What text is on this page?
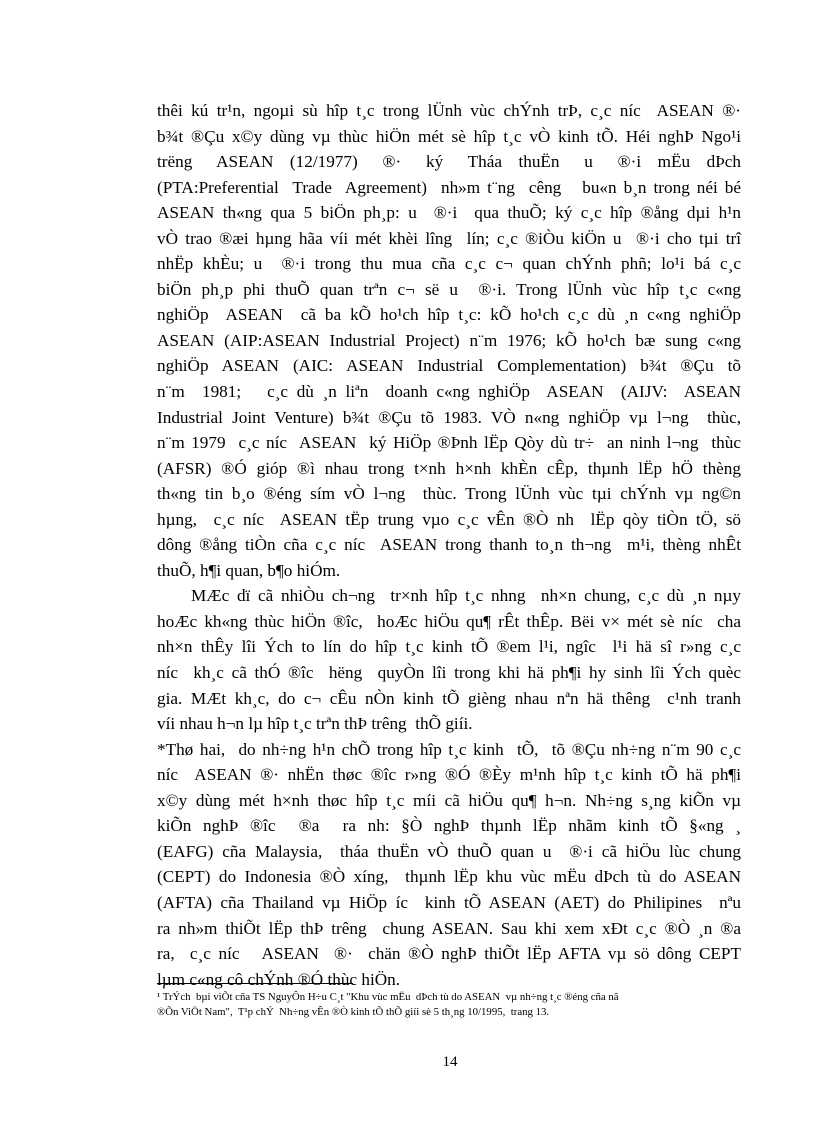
thêi kú tr¹n, ngoµi sù hîp t¸c trong lÜnh vùc chÝnh trÞ, c¸c níc  ASEAN ®·
b¾t ®Çu x©y dùng vµ thùc hiÖn mét sè hîp t¸c vÒ kinh tÕ. Héi nghÞ Ngo¹i
trëng   ASEAN  (12/1977)   ®·   ký   Tháa  thuËn   u   ®·i  mËu  dÞch
(PTA:Preferential  Trade  Agreement)  nh»m t¨ng  cêng   bu«n b¸n trong néi bé
ASEAN th«ng qua 5 biÖn ph¸p: u  ®·i  qua thuÕ; ký c¸c hîp ®ång dµi h¹n
vÒ trao ®æi hµng hãa víi mét khèi lîng  lín; c¸c ®iÒu kiÖn u  ®·i cho tµi trî
nhËp khÈu; u  ®·i trong thu mua cña c¸c c¬ quan chÝnh phñ; lo¹i bá c¸c
biÖn ph¸p phi thuÕ quan trªn c¬ së u  ®·i. Trong lÜnh vùc hîp t¸c c«ng
nghiÖp  ASEAN  cã ba kÕ ho¹ch hîp t¸c: kÕ ho¹ch c¸c dù ¸n c«ng nghiÖp
ASEAN (AIP:ASEAN Industrial Project) n¨m 1976; kÕ ho¹ch bæ sung c«ng
nghiÖp  ASEAN  (AIC:  ASEAN  Industrial  Complementation)  b¾t  ®Çu  tõ
n¨m  1981;   c¸c dù ¸n liªn  doanh c«ng nghiÖp  ASEAN  (AIJV:  ASEAN
Industrial Joint Venture) b¾t ®Çu tõ 1983. VÒ n«ng nghiÖp vµ l¬ng  thùc,
n¨m 1979  c¸c níc  ASEAN  ký HiÖp ®Þnh lËp Qòy dù tr÷  an ninh l¬ng  thùc
(AFSR) ®Ó gióp ®ì nhau trong t×nh h×nh khÈn cÊp, thµnh lËp hÖ thèng
th«ng tin b¸o ®éng sím vÒ l¬ng  thùc. Trong lÜnh vùc tµi chÝnh vµ ng©n
hµng,  c¸c níc  ASEAN tËp trung vµo c¸c vÊn ®Ò nh  lËp qòy tiÒn tÖ, sö
dông ®ång tiÒn cña c¸c níc  ASEAN trong thanh to¸n th¬ng  m¹i, thèng nhÊt
thuÕ, h¶i quan, b¶o hiÓm.

MÆc dï cã nhiÒu ch¬ng  tr×nh hîp t¸c nhng  nh×n chung, c¸c dù ¸n nµy
hoÆc kh«ng thùc hiÖn ®îc,  hoÆc hiÖu qu¶ rÊt thÊp. Bëi v× mét sè níc  cha
nh×n thÊy lîi Ých to lín do hîp t¸c kinh tÕ ®em l¹i, ngîc  l¹i hä sî r»ng c¸c
níc  kh¸c cã thÓ ®îc  hëng  quyÒn lîi trong khi hä ph¶i hy sinh lîi Ých quèc
gia. MÆt kh¸c, do c¬ cÊu nÒn kinh tÕ gièng nhau nªn hä thêng  c¹nh tranh
víi nhau h¬n lµ hîp t¸c trªn thÞ trêng  thÕ giíi.

*Thø hai,  do nh÷ng h¹n chÕ trong hîp t¸c kinh  tÕ,  tõ ®Çu nh÷ng n¨m 90 c¸c
níc  ASEAN ®· nhËn thøc ®îc r»ng ®Ó ®Èy m¹nh hîp t¸c kinh tÕ hä ph¶i
x©y dùng mét h×nh thøc hîp t¸c míi cã hiÖu qu¶ h¬n. Nh÷ng s¸ng kiÕn vµ
kiÕn nghÞ ®îc  ®a  ra nh: §Ò nghÞ thµnh lËp nhãm kinh tÕ §«ng ¸
(EAFG) cña Malaysia,  tháa thuËn vÒ thuÕ quan u  ®·i cã hiÖu lùc chung
(CEPT) do Indonesia ®Ò xíng,  thµnh lËp khu vùc mËu dÞch tù do ASEAN
(AFTA) cña Thailand vµ HiÖp íc  kinh tÕ ASEAN (AET) do Philipines  nªu
ra nh»m thiÕt lËp thÞ trêng  chung ASEAN. Sau khi xem xÐt c¸c ®Ò ¸n ®a
ra,  c¸c níc   ASEAN  ®·  chän ®Ò nghÞ thiÕt lËp AFTA vµ sö dông CEPT
lµm c«ng cô chÝnh ®Ó thùc hiÖn.

¹ TrÝch  bµi viÕt cña TS NguyÔn H÷u C¸t "Khu vùc mËu  dÞch tù do ASEAN  vµ nh÷ng t¸c ®éng cña nã
®Õn ViÖt Nam",  T¹p chÝ  Nh÷ng vÊn ®Ò kinh tÕ thÕ giíi sè 5 th¸ng 10/1995,  trang 13.
14
